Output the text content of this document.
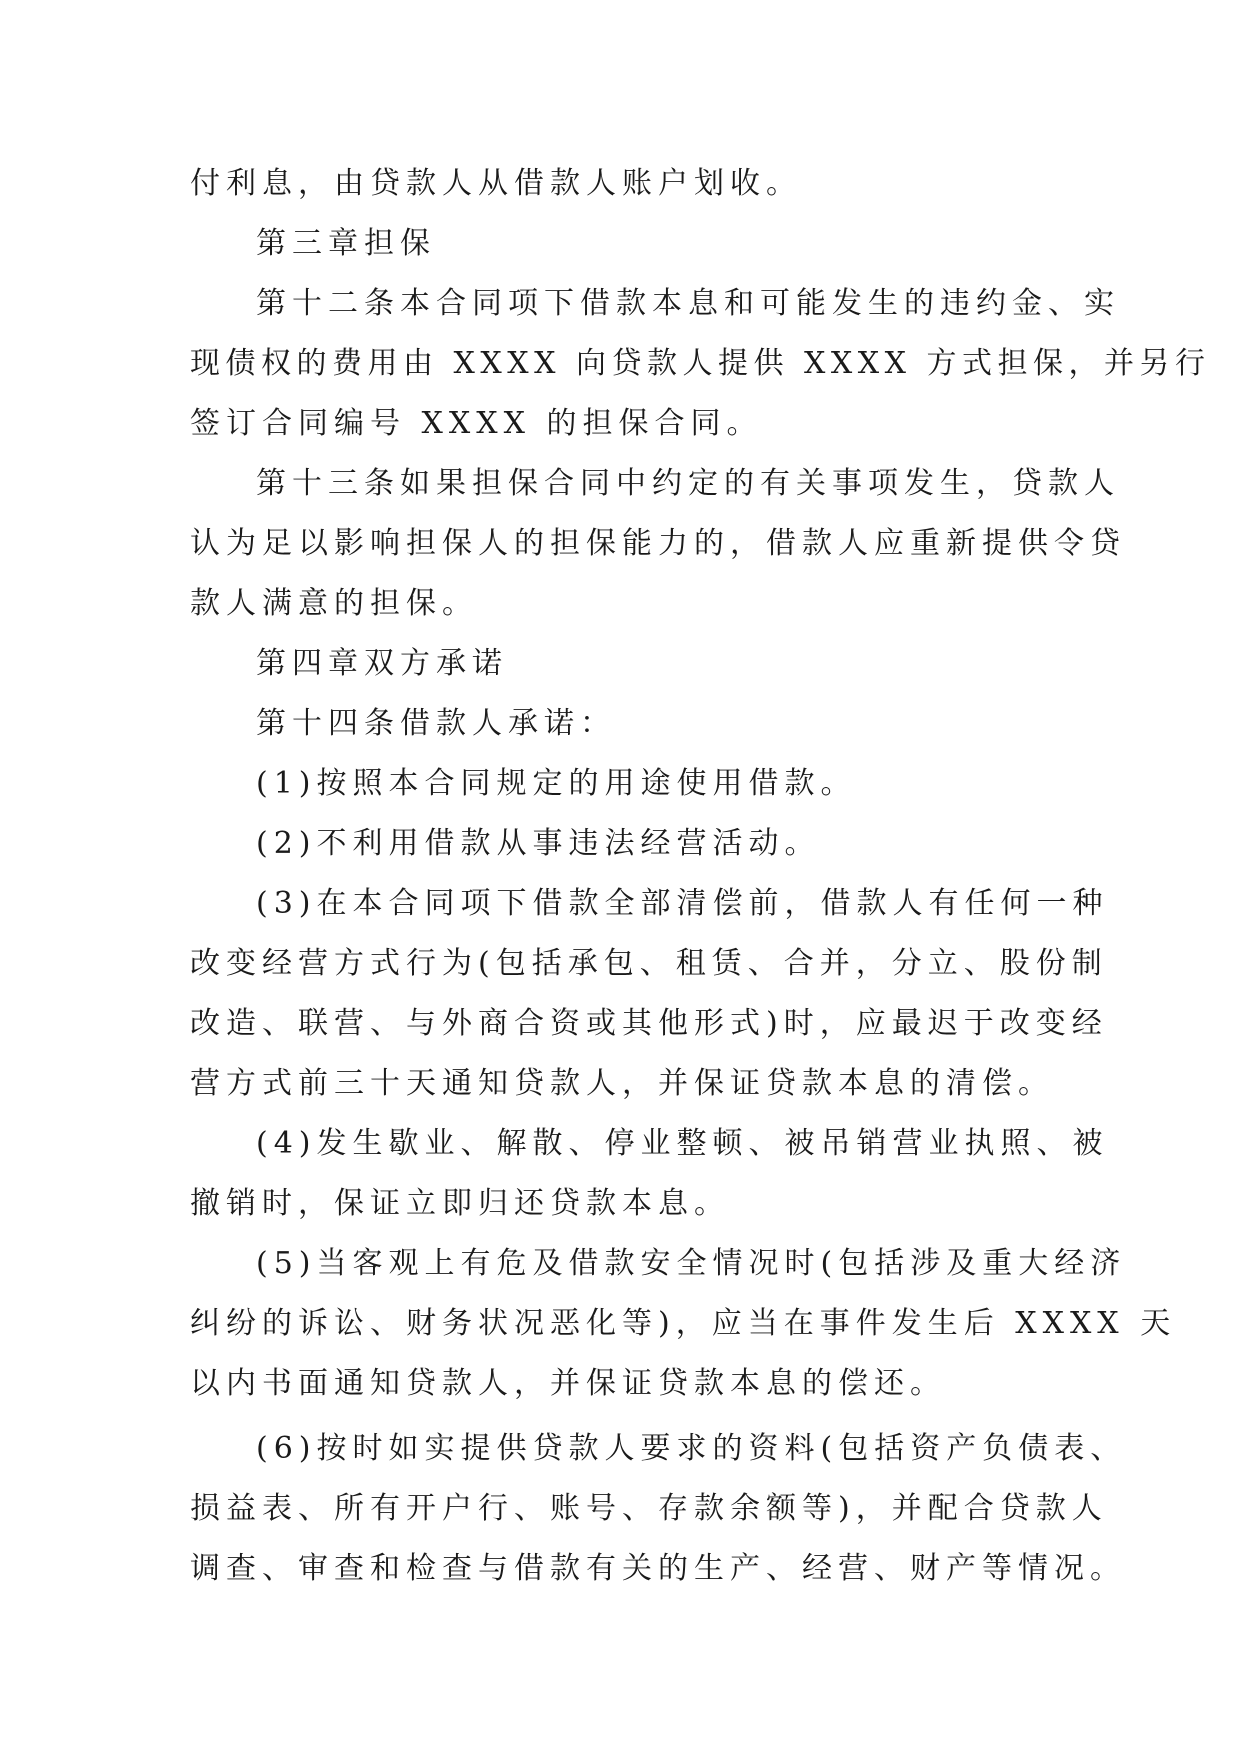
付利息，由贷款人从借款人账户划收。
第三章担保
第十二条本合同项下借款本息和可能发生的违约金、实
现债权的费用由 XXXX 向贷款人提供 XXXX 方式担保，并另行
签订合同编号 XXXX 的担保合同。
第十三条如果担保合同中约定的有关事项发生，贷款人
认为足以影响担保人的担保能力的，借款人应重新提供令贷
款人满意的担保。
第四章双方承诺
第十四条借款人承诺：
(1)按照本合同规定的用途使用借款。
(2)不利用借款从事违法经营活动。
(3)在本合同项下借款全部清偿前，借款人有任何一种
改变经营方式行为(包括承包、租赁、合并，分立、股份制
改造、联营、与外商合资或其他形式)时，应最迟于改变经
营方式前三十天通知贷款人，并保证贷款本息的清偿。
(4)发生歇业、解散、停业整顿、被吊销营业执照、被
撤销时，保证立即归还贷款本息。
(5)当客观上有危及借款安全情况时(包括涉及重大经济
纠纷的诉讼、财务状况恶化等)，应当在事件发生后 XXXX 天
以内书面通知贷款人，并保证贷款本息的偿还。
(6)按时如实提供贷款人要求的资料(包括资产负债表、
损益表、所有开户行、账号、存款余额等)，并配合贷款人
调查、审查和检查与借款有关的生产、经营、财产等情况。
